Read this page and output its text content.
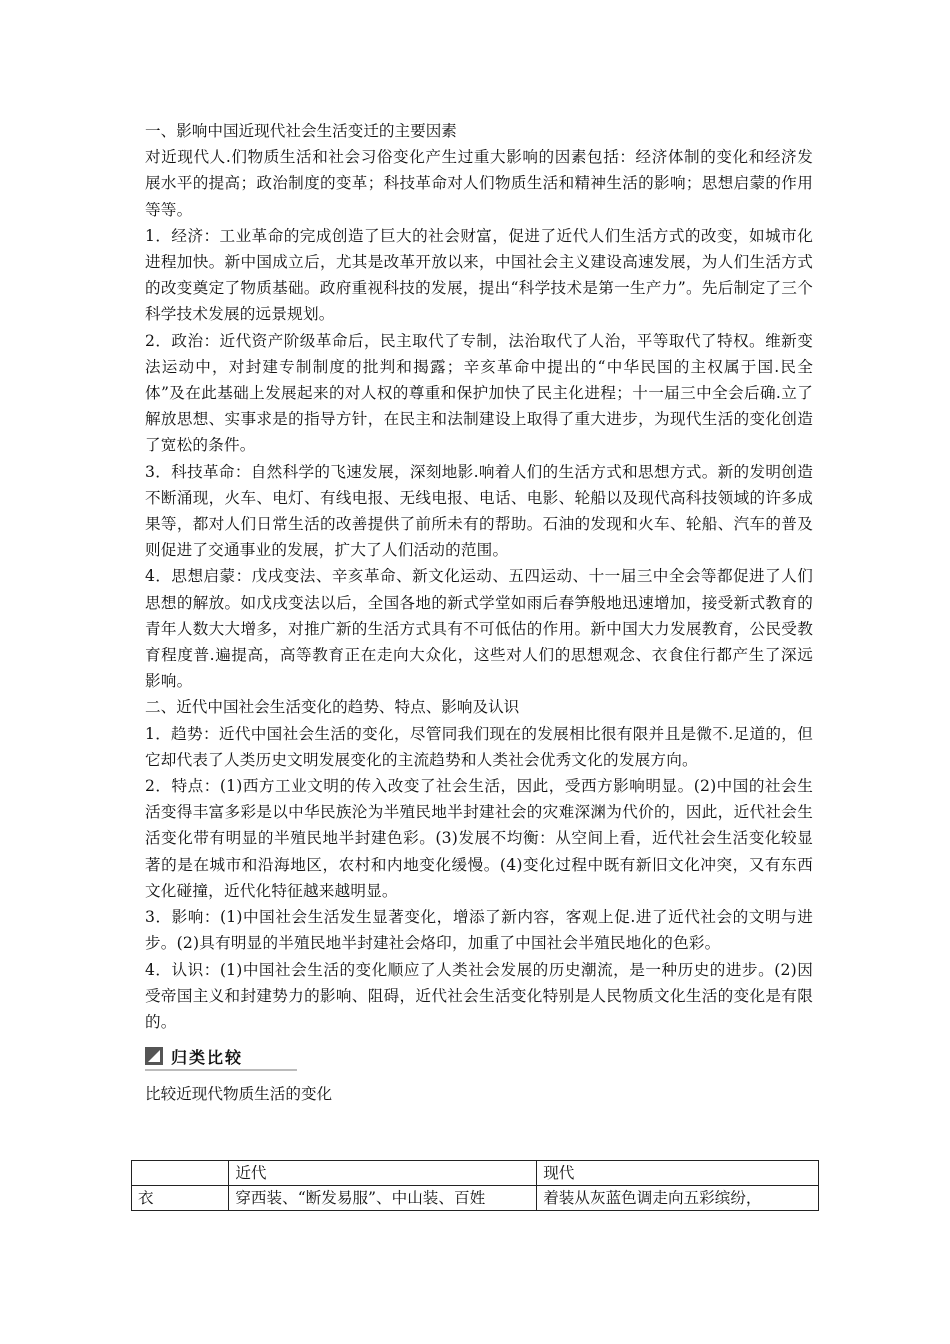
一、影响中国近现代社会生活变迁的主要因素

对近现代人.们物质生活和社会习俗变化产生过重大影响的因素包括：经济体制的变化和经济发展水平的提高；政治制度的变革；科技革命对人们物质生活和精神生活的影响；思想启蒙的作用等等。

1．经济：工业革命的完成创造了巨大的社会财富，促进了近代人们生活方式的改变，如城市化进程加快。新中国成立后，尤其是改革开放以来，中国社会主义建设高速发展，为人们生活方式的改变奠定了物质基础。政府重视科技的发展，提出“科学技术是第一生产力”。先后制定了三个科学技术发展的远景规划。

2．政治：近代资产阶级革命后，民主取代了专制，法治取代了人治，平等取代了特权。维新变法运动中，对封建专制制度的批判和揭露；辛亥革命中提出的“中华民国的主权属于国.民全体”及在此基础上发展起来的对人权的尊重和保护加快了民主化进程；十一届三中全会后确.立了解放思想、实事求是的指导方针，在民主和法制建设上取得了重大进步，为现代生活的变化创造了宽松的条件。

3．科技革命：自然科学的飞速发展，深刻地影.响着人们的生活方式和思想方式。新的发明创造不断涌现，火车、电灯、有线电报、无线电报、电话、电影、轮船以及现代高科技领域的许多成果等，都对人们日常生活的改善提供了前所未有的帮助。石油的发现和火车、轮船、汽车的普及则促进了交通事业的发展，扩大了人们活动的范围。

4．思想启蒙：戊戌变法、辛亥革命、新文化运动、五四运动、十一届三中全会等都促进了人们思想的解放。如戊戌变法以后，全国各地的新式学堂如雨后春笋般地迅速增加，接受新式教育的青年人数大大增多，对推广新的生活方式具有不可低估的作用。新中国大力发展教育，公民受教育程度普.遍提高，高等教育正在走向大众化，这些对人们的思想观念、衣食住行都产生了深远影响。

二、近代中国社会生活变化的趋势、特点、影响及认识

1．趋势：近代中国社会生活的变化，尽管同我们现在的发展相比很有限并且是微不.足道的，但它却代表了人类历史文明发展变化的主流趋势和人类社会优秀文化的发展方向。

2．特点：(1)西方工业文明的传入改变了社会生活，因此，受西方影响明显。(2)中国的社会生活变得丰富多彩是以中华民族沦为半殖民地半封建社会的灾难深渊为代价的，因此，近代社会生活变化带有明显的半殖民地半封建色彩。(3)发展不均衡：从空间上看，近代社会生活变化较显著的是在城市和沿海地区，农村和内地变化缓慢。(4)变化过程中既有新旧文化冲突，又有东西文化碰撞，近代化特征越来越明显。

3．影响：(1)中国社会生活发生显著变化，增添了新内容，客观上促.进了近代社会的文明与进步。(2)具有明显的半殖民地半封建社会烙印，加重了中国社会半殖民地化的色彩。

4．认识：(1)中国社会生活的变化顺应了人类社会发展的历史潮流，是一种历史的进步。(2)因受帝国主义和封建势力的影响、阻碍，近代社会生活变化特别是人民物质文化生活的变化是有限的。

归类比较

比较近现代物质生活的变化

	近代	现代
衣	穿西装、“断发易服”、中山装、百姓	着装从灰蓝色调走向五彩缤纷，
